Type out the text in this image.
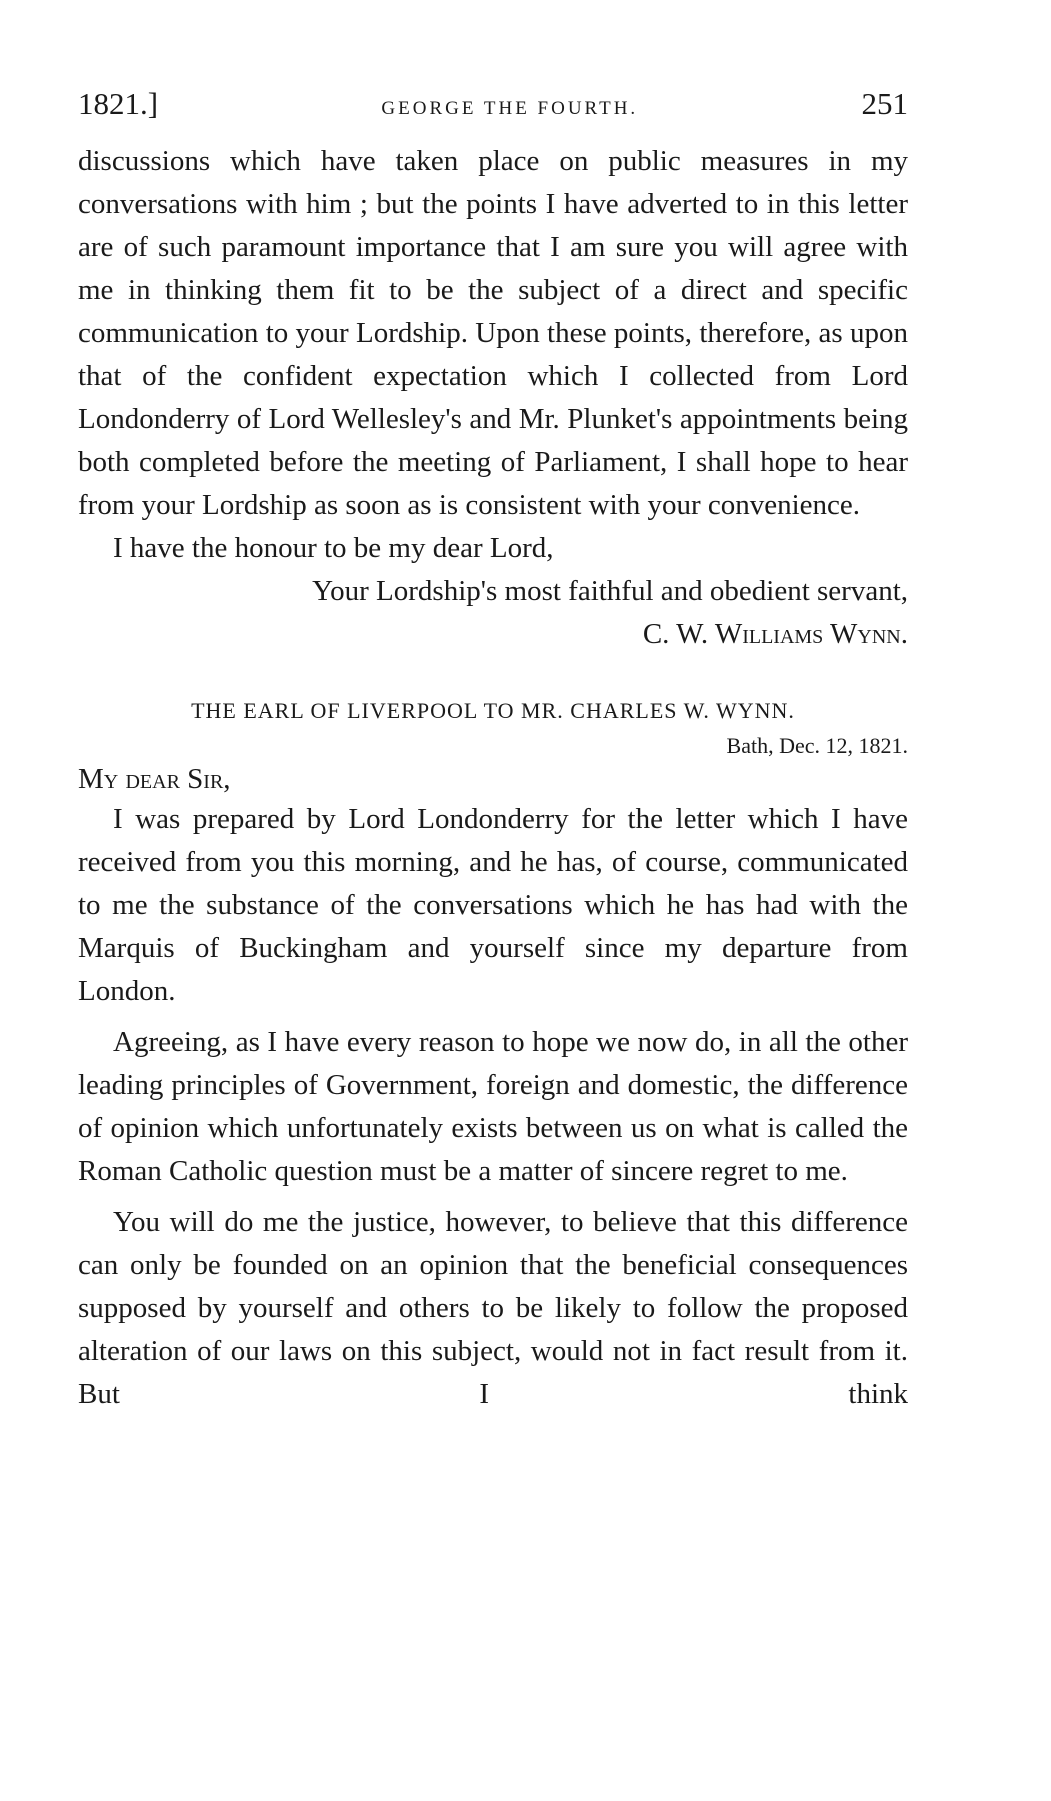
1821.]	GEORGE THE FOURTH.	251

discussions which have taken place on public measures in my conversations with him ; but the points I have adverted to in this letter are of such paramount importance that I am sure you will agree with me in thinking them fit to be the subject of a direct and specific communication to your Lordship. Upon these points, therefore, as upon that of the confident expectation which I collected from Lord Londonderry of Lord Wellesley's and Mr. Plunket's appointments being both completed before the meeting of Parliament, I shall hope to hear from your Lordship as soon as is consistent with your convenience.

I have the honour to be my dear Lord,

Your Lordship's most faithful and obedient servant,

C. W. Williams Wynn.

THE EARL OF LIVERPOOL TO MR. CHARLES W. WYNN.

Bath, Dec. 12, 1821.

My dear Sir,

I was prepared by Lord Londonderry for the letter which I have received from you this morning, and he has, of course, communicated to me the substance of the conversations which he has had with the Marquis of Buckingham and yourself since my departure from London.

Agreeing, as I have every reason to hope we now do, in all the other leading principles of Government, foreign and domestic, the difference of opinion which unfortunately exists between us on what is called the Roman Catholic question must be a matter of sincere regret to me.

You will do me the justice, however, to believe that this difference can only be founded on an opinion that the beneficial consequences supposed by yourself and others to be likely to follow the proposed alteration of our laws on this subject, would not in fact result from it. But I think
